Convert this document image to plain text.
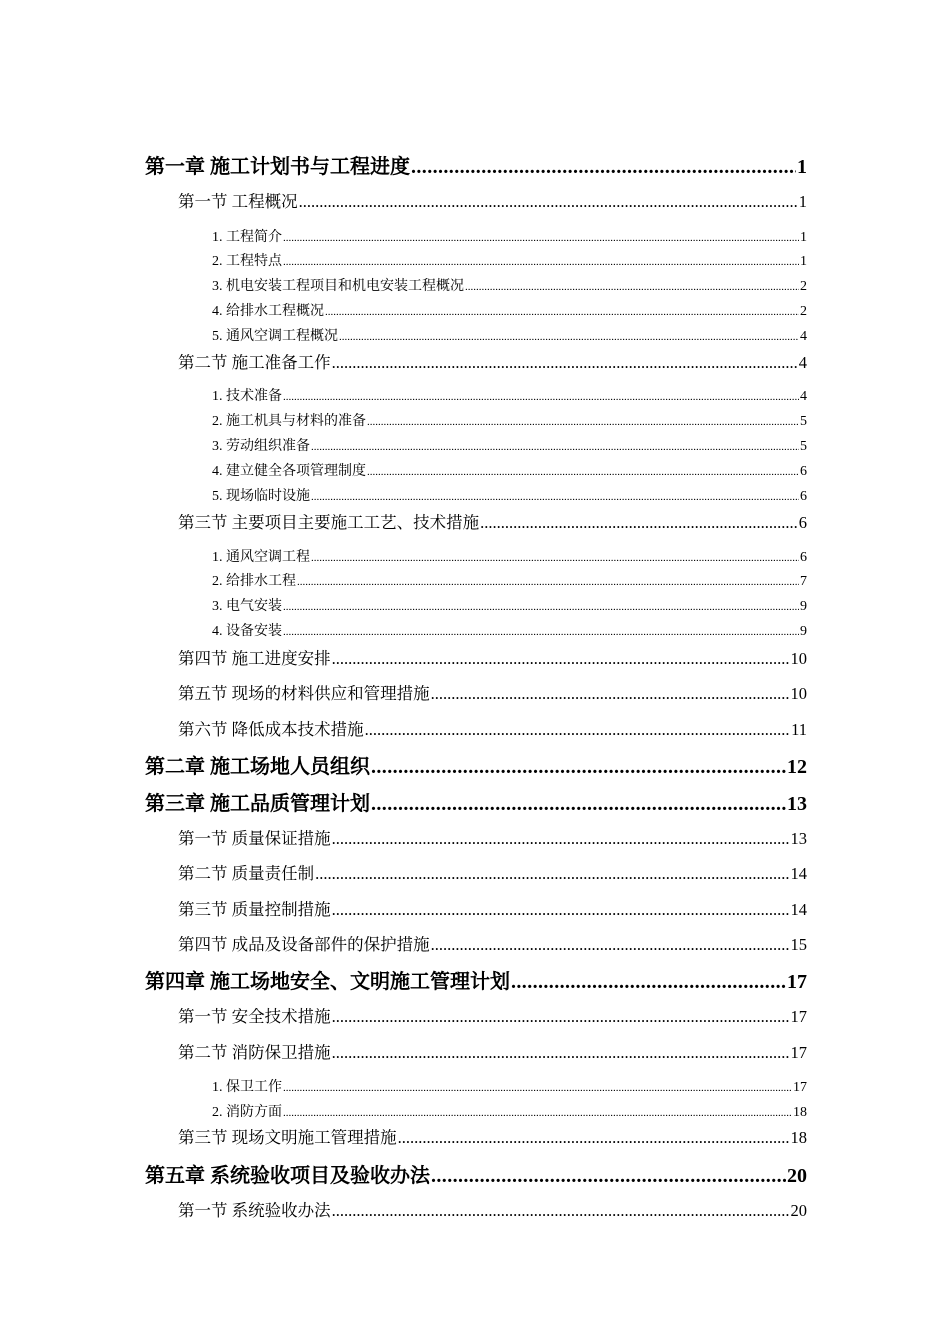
第一章 施工计划书与工程进度 .....	1
第一节 工程概况 .....	1
1. 工程简介 .....	1
2. 工程特点 .....	1
3. 机电安装工程项目和机电安装工程概况 .....	2
4. 给排水工程概况 .....	2
5. 通风空调工程概况 .....	4
第二节 施工准备工作 .....	4
1. 技术准备 .....	4
2. 施工机具与材料的准备 .....	5
3. 劳动组织准备 .....	5
4. 建立健全各项管理制度 .....	6
5. 现场临时设施 .....	6
第三节 主要项目主要施工工艺、技术措施 .....	6
1. 通风空调工程 .....	6
2. 给排水工程 .....	7
3. 电气安装 .....	9
4. 设备安装 .....	9
第四节 施工进度安排 .....	10
第五节 现场的材料供应和管理措施 .....	10
第六节 降低成本技术措施 .....	11
第二章 施工场地人员组织 .....	12
第三章 施工品质管理计划 .....	13
第一节 质量保证措施 .....	13
第二节 质量责任制 .....	14
第三节 质量控制措施 .....	14
第四节 成品及设备部件的保护措施 .....	15
第四章 施工场地安全、文明施工管理计划 .....	17
第一节 安全技术措施 .....	17
第二节 消防保卫措施 .....	17
1. 保卫工作 .....	17
2. 消防方面 .....	18
第三节 现场文明施工管理措施 .....	18
第五章 系统验收项目及验收办法 .....	20
第一节 系统验收办法 .....	20
